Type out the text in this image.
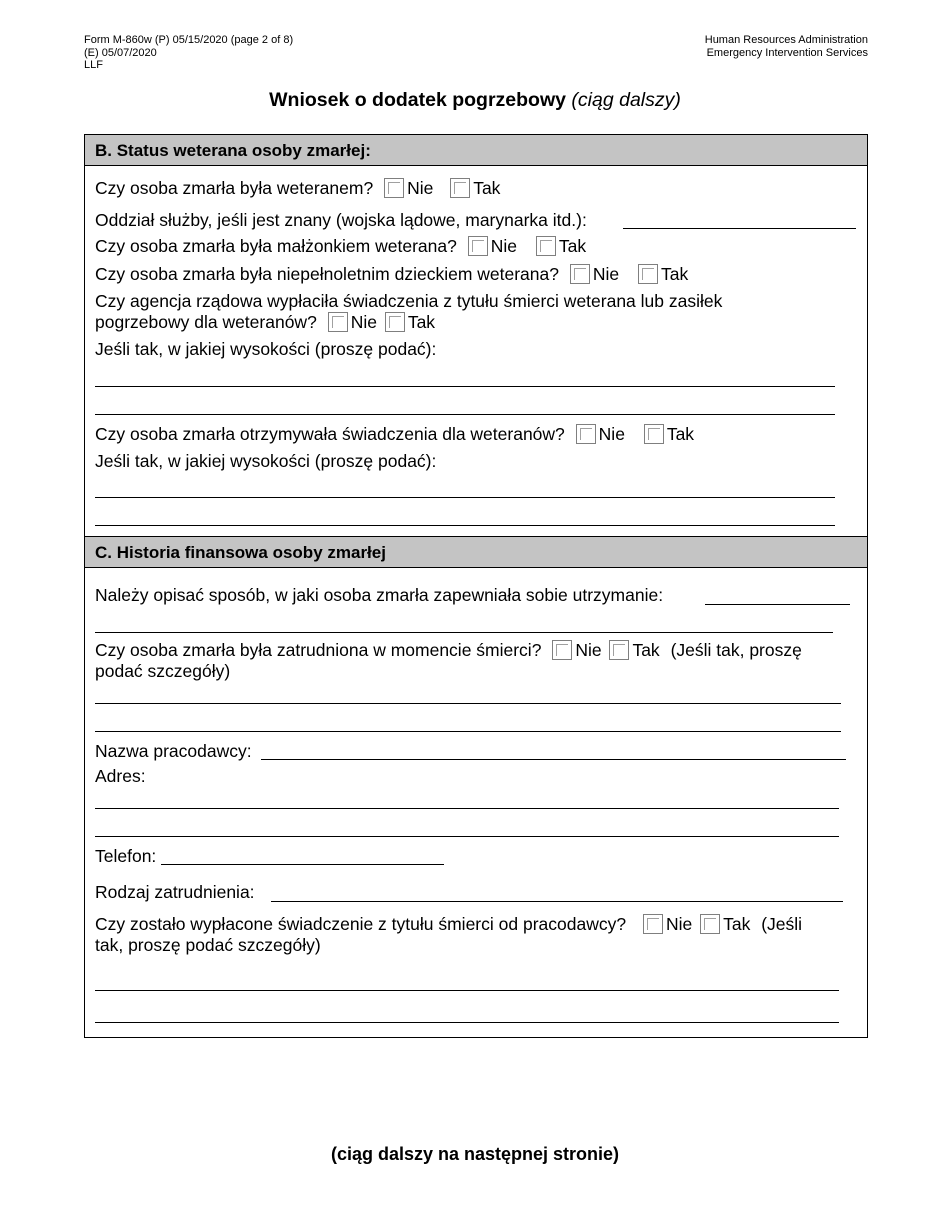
Form M-860w (P) 05/15/2020 (page 2 of 8)
(E) 05/07/2020
LLF
Human Resources Administration
Emergency Intervention Services
Wniosek o dodatek pogrzebowy (ciąg dalszy)
B. Status weterana osoby zmarłej:
Czy osoba zmarła była weteranem? Nie Tak
Oddział służby, jeśli jest znany (wojska lądowe, marynarka itd.):
Czy osoba zmarła była małżonkiem weterana? Nie Tak
Czy osoba zmarła była niepełnoletnim dzieckiem weterana? Nie Tak
Czy agencja rządowa wypłaciła świadczenia z tytułu śmierci weterana lub zasiłek
pogrzebowy dla weteranów? Nie Tak
Jeśli tak, w jakiej wysokości (proszę podać):
Czy osoba zmarła otrzymywała świadczenia dla weteranów? Nie Tak
Jeśli tak, w jakiej wysokości (proszę podać):
C. Historia finansowa osoby zmarłej
Należy opisać sposób, w jaki osoba zmarła zapewniała sobie utrzymanie:
Czy osoba zmarła była zatrudniona w momencie śmierci? Nie Tak (Jeśli tak, proszę
podać szczegóły)
Nazwa pracodawcy:
Adres:
Telefon:
Rodzaj zatrudnienia:
Czy zostało wypłacone świadczenie z tytułu śmierci od pracodawcy? Nie Tak (Jeśli
tak, proszę podać szczegóły)
(ciąg dalszy na następnej stronie)
